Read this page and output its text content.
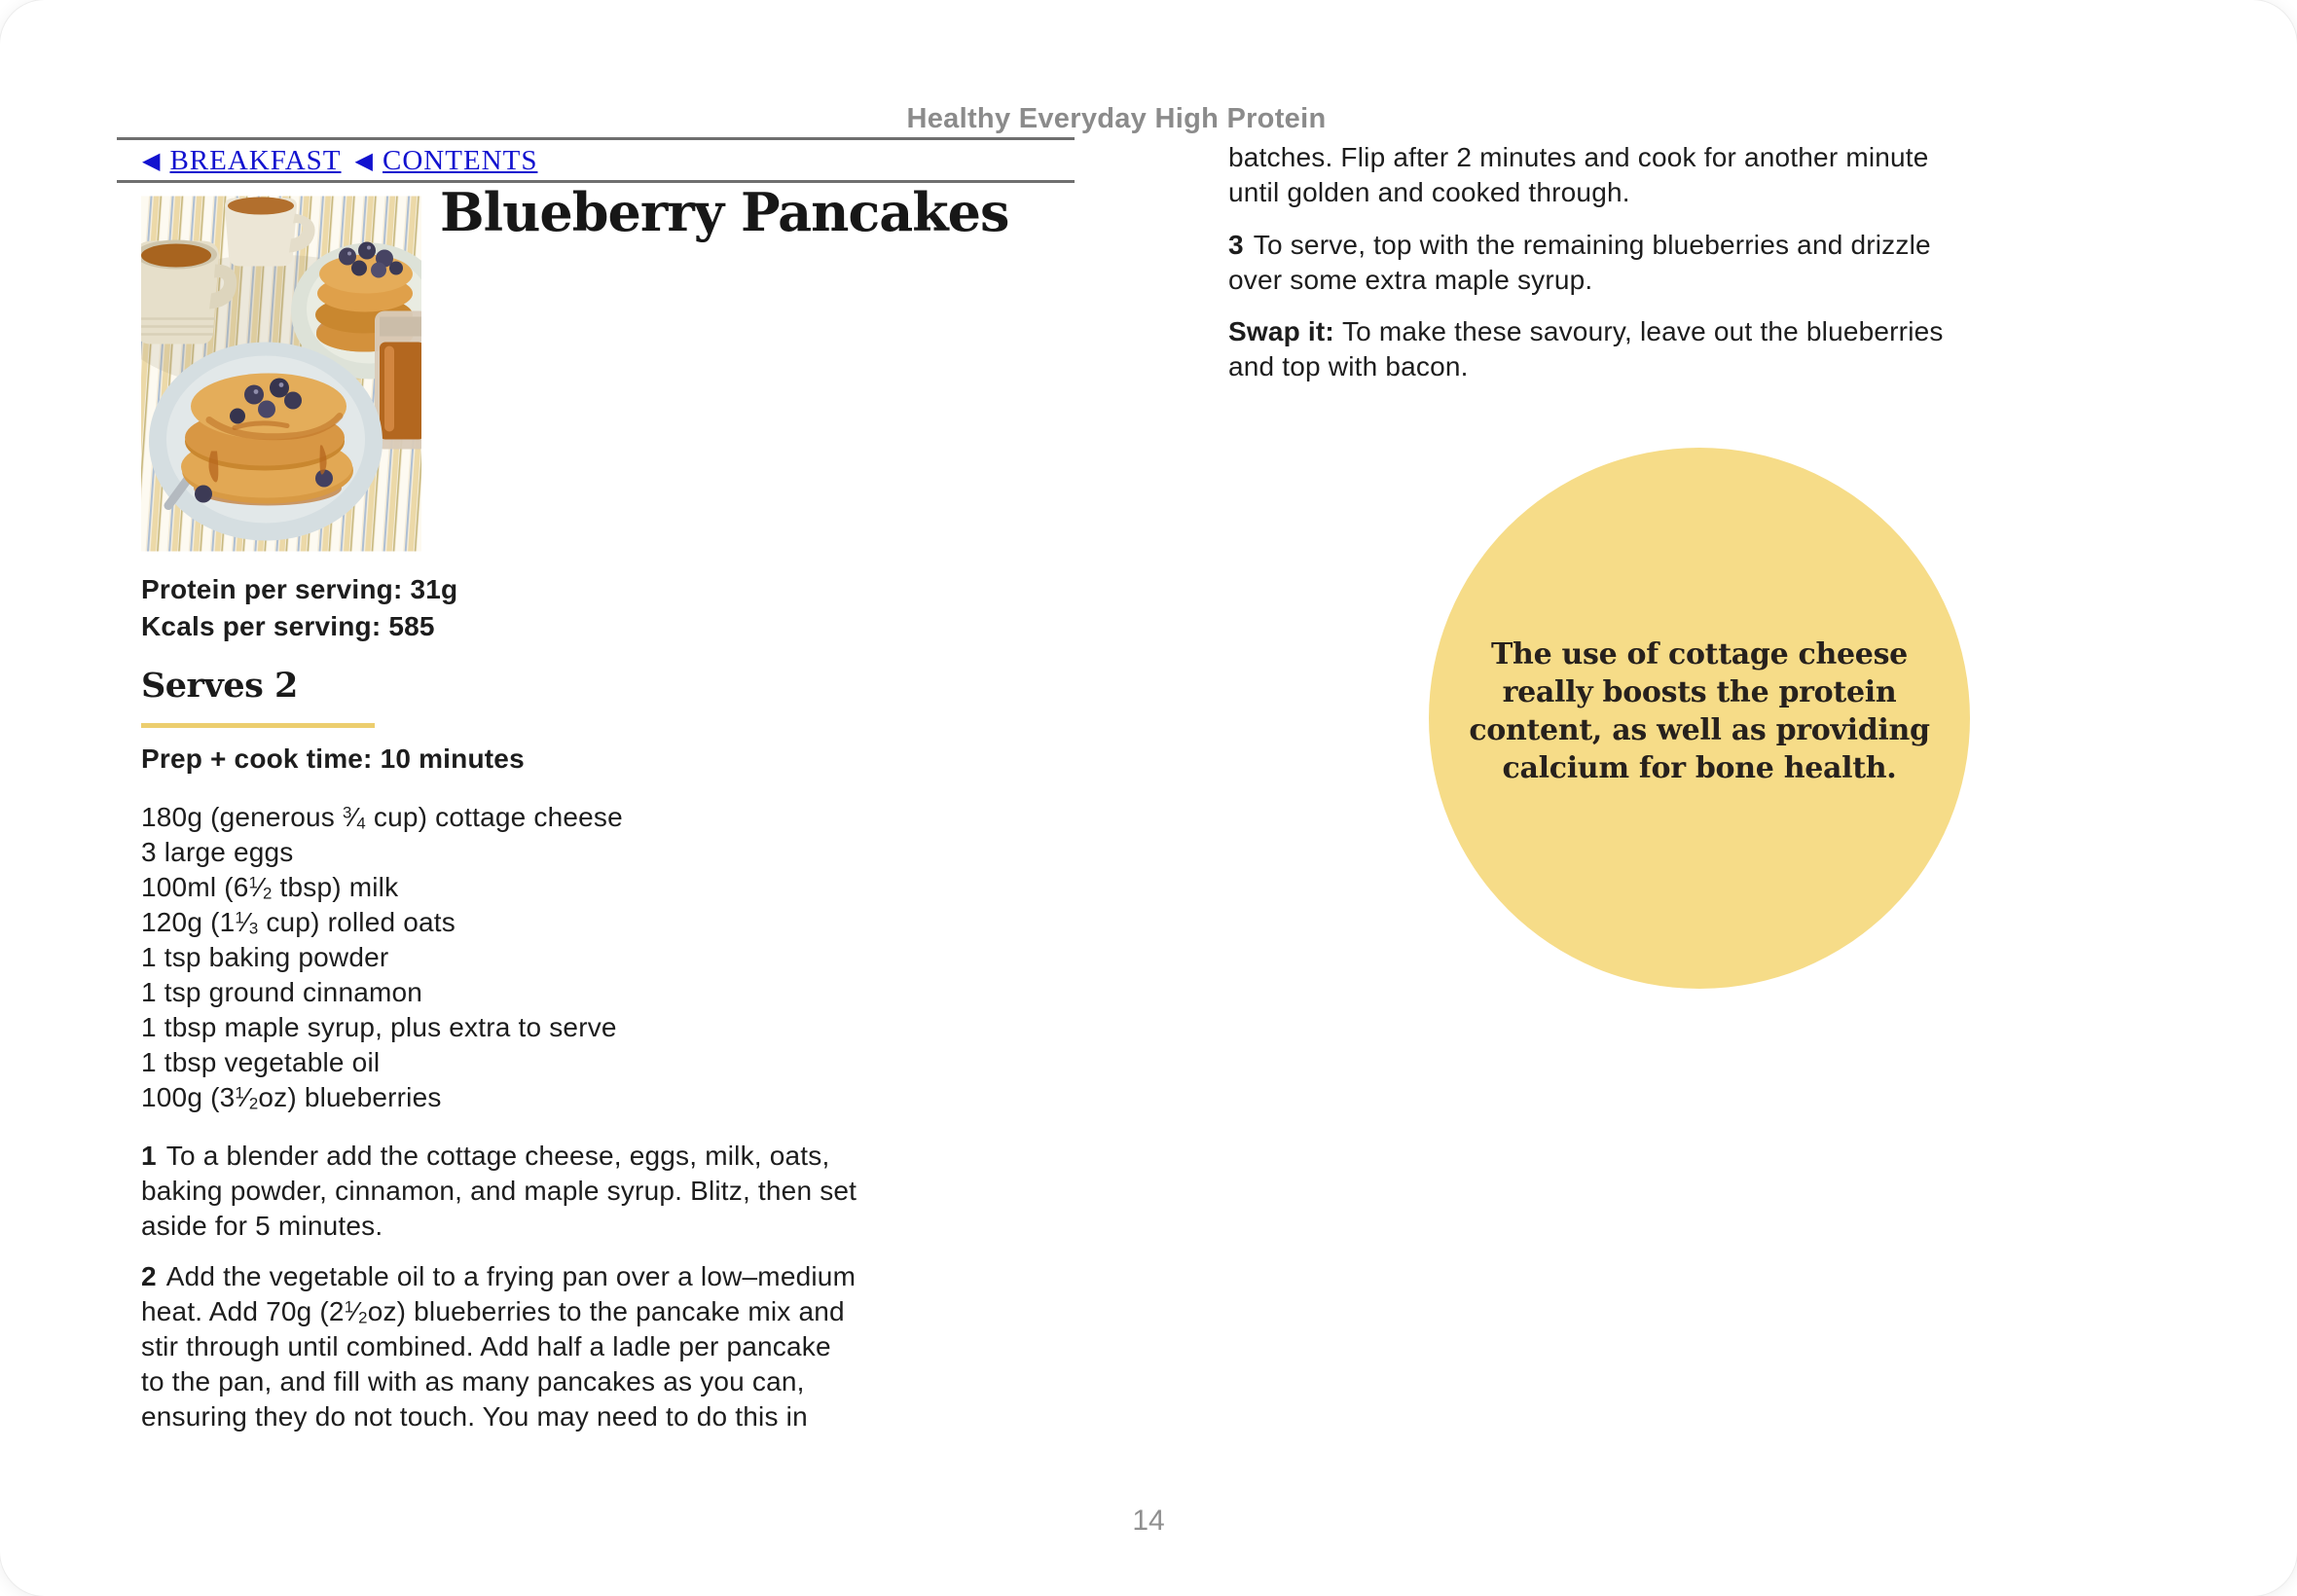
Healthy Everyday High Protein
◀ BREAKFAST ◀ CONTENTS
Blueberry Pancakes
Protein per serving: 31g
Kcals per serving: 585
Serves 2
Prep + cook time: 10 minutes
180g (generous $^3⁄_4$ cup) cottage cheese
3 large eggs
100ml ($6^1⁄_2$ tbsp) milk
120g ($1^1⁄_3$ cup) rolled oats
1 tsp baking powder
1 tsp ground cinnamon
1 tbsp maple syrup, plus extra to serve
1 tbsp vegetable oil
100g $(3^1⁄_2oz)$ blueberries
1 To a blender add the cottage cheese, eggs, milk, oats,
baking powder, cinnamon, and maple syrup. Blitz, then set
aside for 5 minutes.
2 Add the vegetable oil to a frying pan over a low–medium
heat. Add 70g $(2^1⁄_2oz)$ blueberries to the pancake mix and
stir through until combined. Add half a ladle per pancake
to the pan, and fill with as many pancakes as you can,
ensuring they do not touch. You may need to do this in
batches. Flip after 2 minutes and cook for another minute
until golden and cooked through.
3 To serve, top with the remaining blueberries and drizzle
over some extra maple syrup.
Swap it: To make these savoury, leave out the blueberries
and top with bacon.
The use of cottage cheese
really boosts the protein
content, as well as providing
calcium for bone health.
14
